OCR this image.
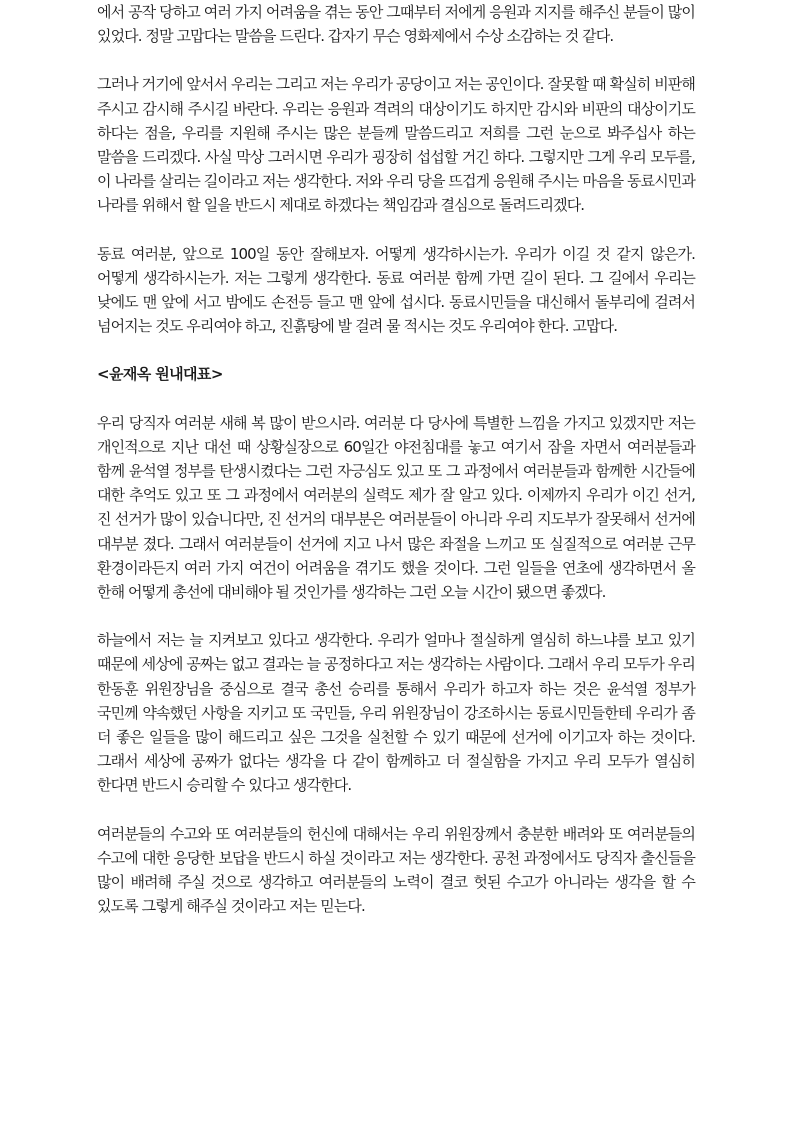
에서 공작 당하고 여러 가지 어려움을 겪는 동안 그때부터 저에게 응원과 지지를 해주신 분들이 많이 있었다. 정말 고맙다는 말씀을 드린다. 갑자기 무슨 영화제에서 수상 소감하는 것 같다.

그러나 거기에 앞서서 우리는 그리고 저는 우리가 공당이고 저는 공인이다. 잘못할 때 확실히 비판해 주시고 감시해 주시길 바란다. 우리는 응원과 격려의 대상이기도 하지만 감시와 비판의 대상이기도 하다는 점을, 우리를 지원해 주시는 많은 분들께 말씀드리고 저희를 그런 눈으로 봐주십사 하는 말씀을 드리겠다. 사실 막상 그러시면 우리가 굉장히 섭섭할 거긴 하다. 그렇지만 그게 우리 모두를, 이 나라를 살리는 길이라고 저는 생각한다. 저와 우리 당을 뜨겁게 응원해 주시는 마음을 동료시민과 나라를 위해서 할 일을 반드시 제대로 하겠다는 책임감과 결심으로 돌려드리겠다.

동료 여러분, 앞으로 100일 동안 잘해보자. 어떻게 생각하시는가. 우리가 이길 것 같지 않은가. 어떻게 생각하시는가. 저는 그렇게 생각한다. 동료 여러분 함께 가면 길이 된다. 그 길에서 우리는 낮에도 맨 앞에 서고 밤에도 손전등 들고 맨 앞에 섭시다. 동료시민들을 대신해서 돌부리에 걸려서 넘어지는 것도 우리여야 하고, 진흙탕에 발 걸려 물 적시는 것도 우리여야 한다. 고맙다.

<윤재옥 원내대표>

우리 당직자 여러분 새해 복 많이 받으시라. 여러분 다 당사에 특별한 느낌을 가지고 있겠지만 저는 개인적으로 지난 대선 때 상황실장으로 60일간 야전침대를 놓고 여기서 잠을 자면서 여러분들과 함께 윤석열 정부를 탄생시켰다는 그런 자긍심도 있고 또 그 과정에서 여러분들과 함께한 시간들에 대한 추억도 있고 또 그 과정에서 여러분의 실력도 제가 잘 알고 있다. 이제까지 우리가 이긴 선거, 진 선거가 많이 있습니다만, 진 선거의 대부분은 여러분들이 아니라 우리 지도부가 잘못해서 선거에 대부분 졌다. 그래서 여러분들이 선거에 지고 나서 많은 좌절을 느끼고 또 실질적으로 여러분 근무 환경이라든지 여러 가지 여건이 어려움을 겪기도 했을 것이다. 그런 일들을 연초에 생각하면서 올 한해 어떻게 총선에 대비해야 될 것인가를 생각하는 그런 오늘 시간이 됐으면 좋겠다.

하늘에서 저는 늘 지켜보고 있다고 생각한다. 우리가 얼마나 절실하게 열심히 하느냐를 보고 있기 때문에 세상에 공짜는 없고 결과는 늘 공정하다고 저는 생각하는 사람이다. 그래서 우리 모두가 우리 한동훈 위원장님을 중심으로 결국 총선 승리를 통해서 우리가 하고자 하는 것은 윤석열 정부가 국민께 약속했던 사항을 지키고 또 국민들, 우리 위원장님이 강조하시는 동료시민들한테 우리가 좀 더 좋은 일들을 많이 해드리고 싶은 그것을 실천할 수 있기 때문에 선거에 이기고자 하는 것이다. 그래서 세상에 공짜가 없다는 생각을 다 같이 함께하고 더 절실함을 가지고 우리 모두가 열심히 한다면 반드시 승리할 수 있다고 생각한다.

여러분들의 수고와 또 여러분들의 헌신에 대해서는 우리 위원장께서 충분한 배려와 또 여러분들의 수고에 대한 응당한 보답을 반드시 하실 것이라고 저는 생각한다. 공천 과정에서도 당직자 출신들을 많이 배려해 주실 것으로 생각하고 여러분들의 노력이 결코 헛된 수고가 아니라는 생각을 할 수 있도록 그렇게 해주실 것이라고 저는 믿는다.
